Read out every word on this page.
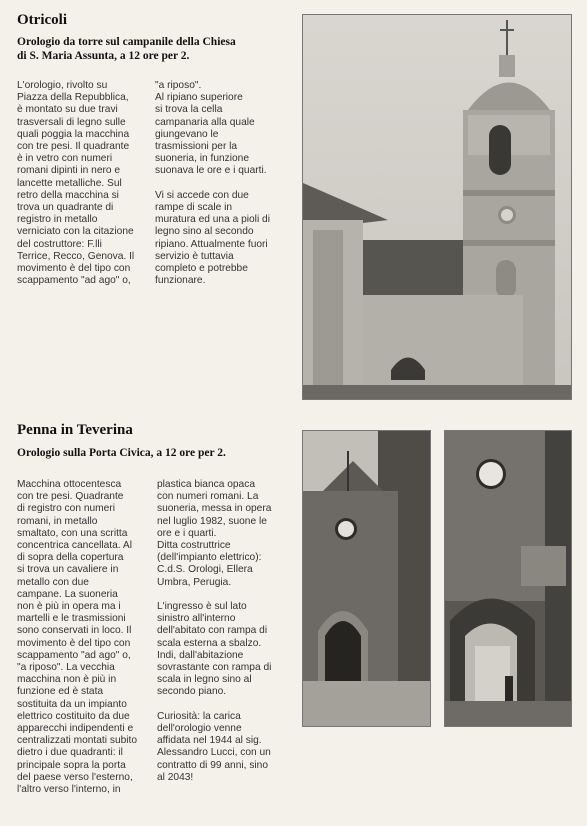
Otricoli
Orologio da torre sul campanile della Chiesa
di S. Maria Assunta, a 12 ore per 2.
L'orologio, rivolto su
Piazza della Repubblica,
è montato su due travi
trasversali di legno sulle
quali poggia la macchina
con tre pesi. Il quadrante
è in vetro con numeri
romani dipinti in nero e
lancette metalliche. Sul
retro della macchina si
trova un quadrante di
registro in metallo
verniciato con la citazione
del costruttore: F.lli
Terrice, Recco, Genova. Il
movimento è del tipo con
scappamento "ad ago" o,
"a riposo".
Al ripiano superiore
si trova la cella
campanaria alla quale
giungevano le
trasmissioni per la
suoneria, in funzione
suonava le ore e i quarti.

Vi si accede con due
rampe di scale in
muratura ed una a pioli di
legno sino al secondo
ripiano. Attualmente fuori
servizio è tuttavia
completo e potrebbe
funzionare.
Penna in Teverina
Orologio sulla Porta Civica, a 12 ore per 2.
Macchina ottocentesca
con tre pesi. Quadrante
di registro con numeri
romani, in metallo
smaltato, con una scritta
concentrica cancellata. Al
di sopra della copertura
si trova un cavaliere in
metallo con due
campane. La suoneria
non è più in opera ma i
martelli e le trasmissioni
sono conservati in loco. Il
movimento è del tipo con
scappamento "ad ago" o,
"a riposo". La vecchia
macchina non è più in
funzione ed è stata
sostituita da un impianto
elettrico costituito da due
apparecchi indipendenti e
centralizzati montati subito
dietro i due quadranti: il
principale sopra la porta
del paese verso l'esterno,
l'altro verso l'interno, in
plastica bianca opaca
con numeri romani. La
suoneria, messa in opera
nel luglio 1982, suone le
ore e i quarti.
Ditta costruttrice
(dell'impianto elettrico):
C.d.S. Orologi, Ellera
Umbra, Perugia.

L'ingresso è sul lato
sinistro all'interno
dell'abitato con rampa di
scala esterna a sbalzo.
Indi, dall'abitazione
sovrastante con rampa di
scala in legno sino al
secondo piano.

Curiosità: la carica
dell'orologio venne
affidata nel 1944 al sig.
Alessandro Lucci, con un
contratto di 99 anni, sino
al 2043!
